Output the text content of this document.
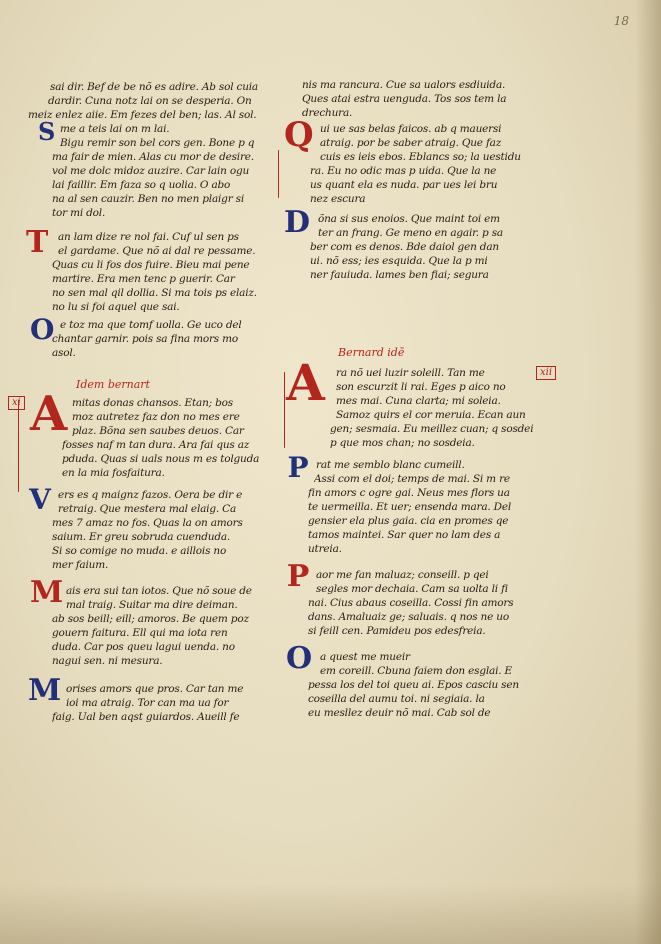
18
sai dir. Bef de be nõ es adire. Ab sol cuia
dardir. Cuna notz lai on se desperia. On
meiz enlez aiie. Em fezes del ben; las. Al sol.
me a teis lai on m lai.
Bigu remir son bel cors gen. Bone p q
ma fair de mien. Alas cu mor de desire.
vol me dolc midoz auzire. Car lain ogu
lai faillir. Em faza so q uolia. O abo
na al sen cauzir. Ben no men plaigr si
tor mi dol.
S
T an lam dize re nol fai. Cuf ul sen ps
el gardame. Que nõ ai dal re pessame.
Quas cu li fos dos fuire. Bieu mai pene
martire. Era men tenc p guerir. Car
no sen mal qil dollia. Si ma tois ps elaiz.
no lu si foi aquel que sai.
O e toz ma que tomf uolla. Ge uco del
chantar garnir. pois sa fina mors mo
asol.
Idem bernart
xi A mitas donas chansos. Etan; bos
moz autretez faz don no mes ere
plaz. Bõna sen saubes deuos. Car
fosses naf m tan dura. Ara fai qus az
pduda. Quas si uals nous m es tolguda
en la mia fosfaitura.
V ers es q maignz fazos. Oera be dir e
retraig. Que mestera mal elaig. Ca
mes 7 amaz no fos. Quas la on amors
saium. Er greu sobruda cuenduda.
Si so comige no muda. e aillois no
mer faium.
M ais era sui tan iotos. Que nõ soue de
mal traig. Suitar ma dire deiman.
ab sos beill; eill; amoros. Be quem poz
gouern faitura. Ell qui ma iota ren
duda. Car pos queu lagui uenda. no
nagui sen. ni mesura.
M orises amors que pros. Car tan me
ioi ma atraig. Tor can ma ua for
faig. Ual ben aqst guiardos. Aueill fe
nis ma rancura. Cue sa ualors esdiuida.
Ques atai estra uenguda. Tos sos tem la
drechura.
Q ui ue sas belas faicos. ab q mauersi
atraig. por be saber atraig. Que faz
cuis es ieis ebos. Eblancs so; la uestidu
ra. Eu no odic mas p uida. Que la ne
us quant ela es nuda. par ues lei bru
nez escura
D õna si sus enoios. Que maint toi em
ter an frang. Ge meno en agair. p sa
ber com es denos. Bde daiol gen dan
ui. nõ ess; ies esquida. Que la p mi
ner fauiuda. lames ben fiai; segura
Bernard idē
xii
A ra nõ uei luzir soleill. Tan me
son escurzit li rai. Eges p aico no
mes mai. Cuna clarta; mi soleia.
Samoz quirs el cor meruia. Ecan aun
gen; sesmaia. Eu meillez cuan; q sosdei
p que mos chan; no sosdeia.
P rat me semblo blanc cumeill.
Assi com el doi; temps de mai. Si m re
fin amors c ogre gai. Neus mes flors ua
te uermeilla. Et uer; ensenda mara. Del
gensier ela plus gaia. cia en promes qe
tamos maintei. Sar quer no lam des a
utreia.
P aor me fan maluaz; conseill. p qei
segles mor dechaia. Cam sa uolta li fi
nai. Cius abaus coseilla. Cossi fin amors
dans. Amaluaiz ge; saluais. q nos ne uo
si feill cen. Pamideu pos edesfreia.
O a quest me mueir
em coreill. Cbuna faiem don esglai. E
pessa los del toi queu ai. Epos casciu sen
coseilla del aumu toi. ni segiaia. la
eu mesllez deuir nõ mai. Cab sol de
